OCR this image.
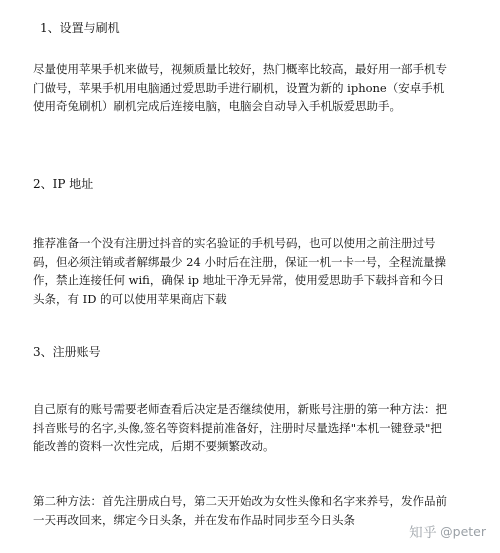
1、设置与刷机
尽量使用苹果手机来做号，视频质量比较好，热门概率比较高，最好用一部手机专
门做号，苹果手机用电脑通过爱思助手进行刷机，设置为新的 iphone（安卓手机
使用奇兔刷机）刷机完成后连接电脑，电脑会自动导入手机版爱思助手。
2、IP 地址
推荐准备一个没有注册过抖音的实名验证的手机号码，也可以使用之前注册过号
码，但必须注销或者解绑最少 24 小时后在注册，保证一机一卡一号，全程流量操
作，禁止连接任何 wifi，确保 ip 地址干净无异常，使用爱思助手下载抖音和今日
头条，有 ID 的可以使用苹果商店下载
3、注册账号
自己原有的账号需要老师查看后决定是否继续使用，新账号注册的第一种方法：把
抖音账号的名字,头像,签名等资料提前准备好，注册时尽量选择"本机一键登录"把
能改善的资料一次性完成，后期不要频繁改动。
第二种方法：首先注册成白号，第二天开始改为女性头像和名字来养号，发作品前
一天再改回来，绑定今日头条，并在发布作品时同步至今日头条
知乎 @peter
